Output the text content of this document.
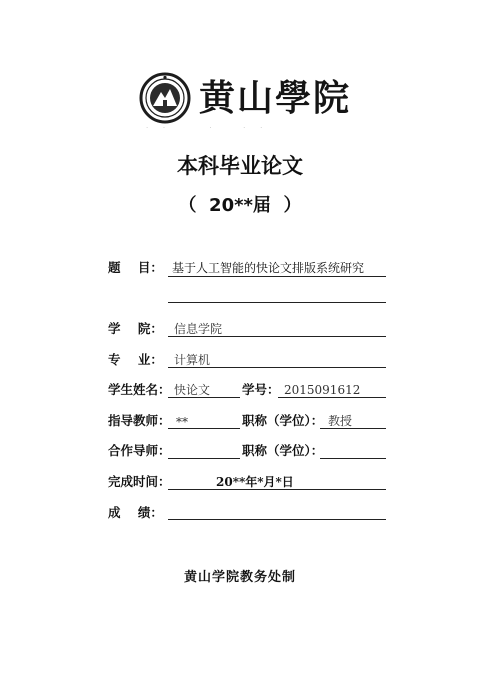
黄山學院
·   ·          ·       ·   ·
本科毕业论文
（  20**届  ）
题    目： 基于人工智能的快论文排版系统研究
学    院： 信息学院
专    业： 计算机
学生姓名： 快论文	学号： 2015091612
指导教师： **	职称（学位）： 教授
合作导师：	职称（学位）：
完成时间：	20**年*月*日
成    绩：
黄山学院教务处制
